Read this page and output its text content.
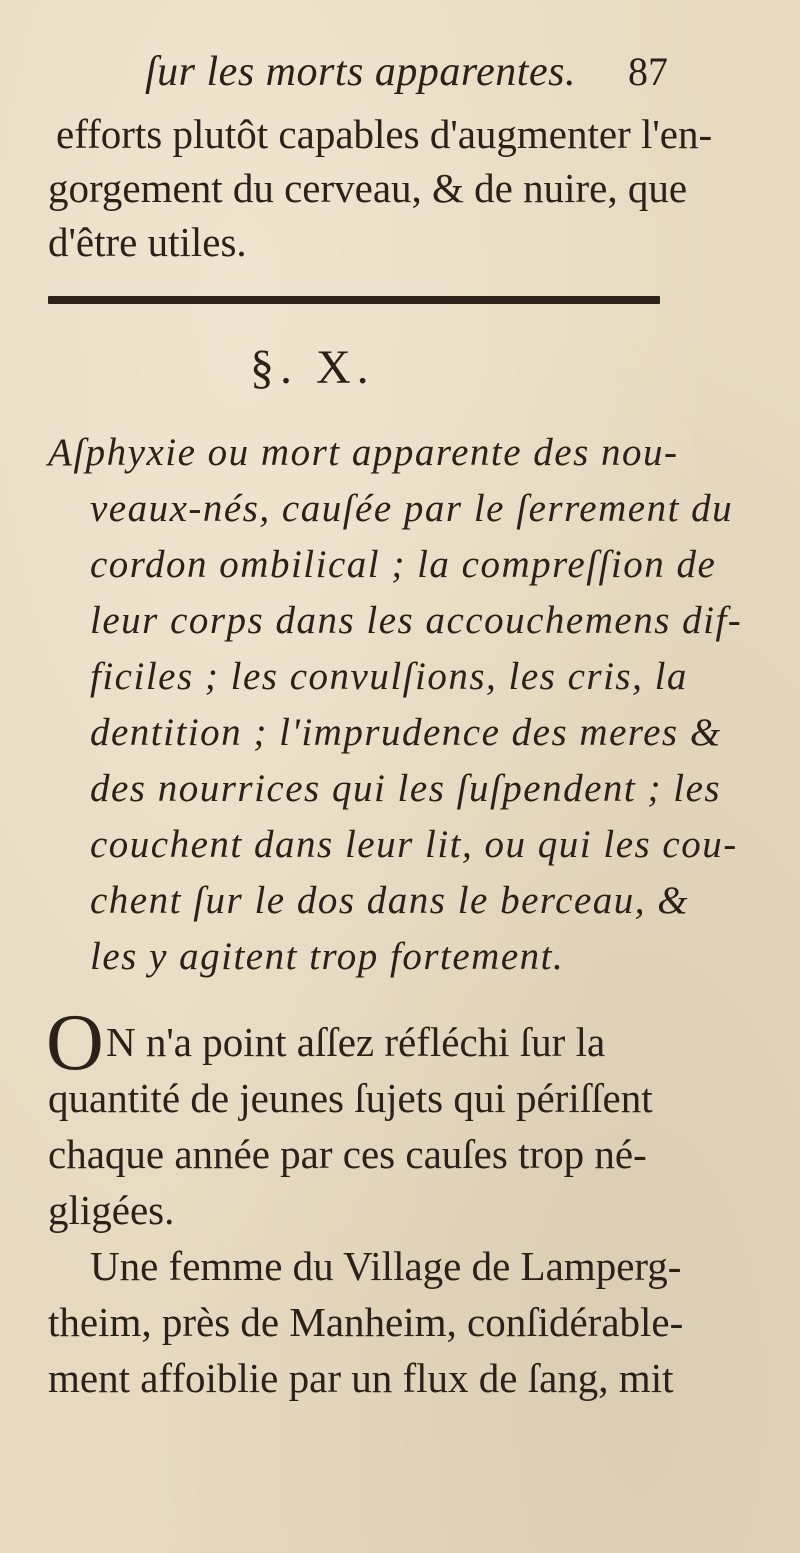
ſur les morts apparentes. 87
efforts plutôt capables d'augmenter l'en-
gorgement du cerveau, & de nuire, que
d'être utiles.
§. X.
Aſphyxie ou mort apparente des nou-
veaux-nés, cauſée par le ſerrement du
cordon ombilical ; la compreſſion de
leur corps dans les accouchemens dif-
ficiles ; les convulſions, les cris, la
dentition ; l'imprudence des meres &
des nourrices qui les ſuſpendent ; les
couchent dans leur lit, ou qui les cou-
chent ſur le dos dans le berceau, &
les y agitent trop fortement.
O N n'a point aſſez réfléchi ſur la
quantité de jeunes ſujets qui périſſent
chaque année par ces cauſes trop né-
gligées.
Une femme du Village de Lamperg-
theim, près de Manheim, conſidérable-
ment affoiblie par un flux de ſang, mit
